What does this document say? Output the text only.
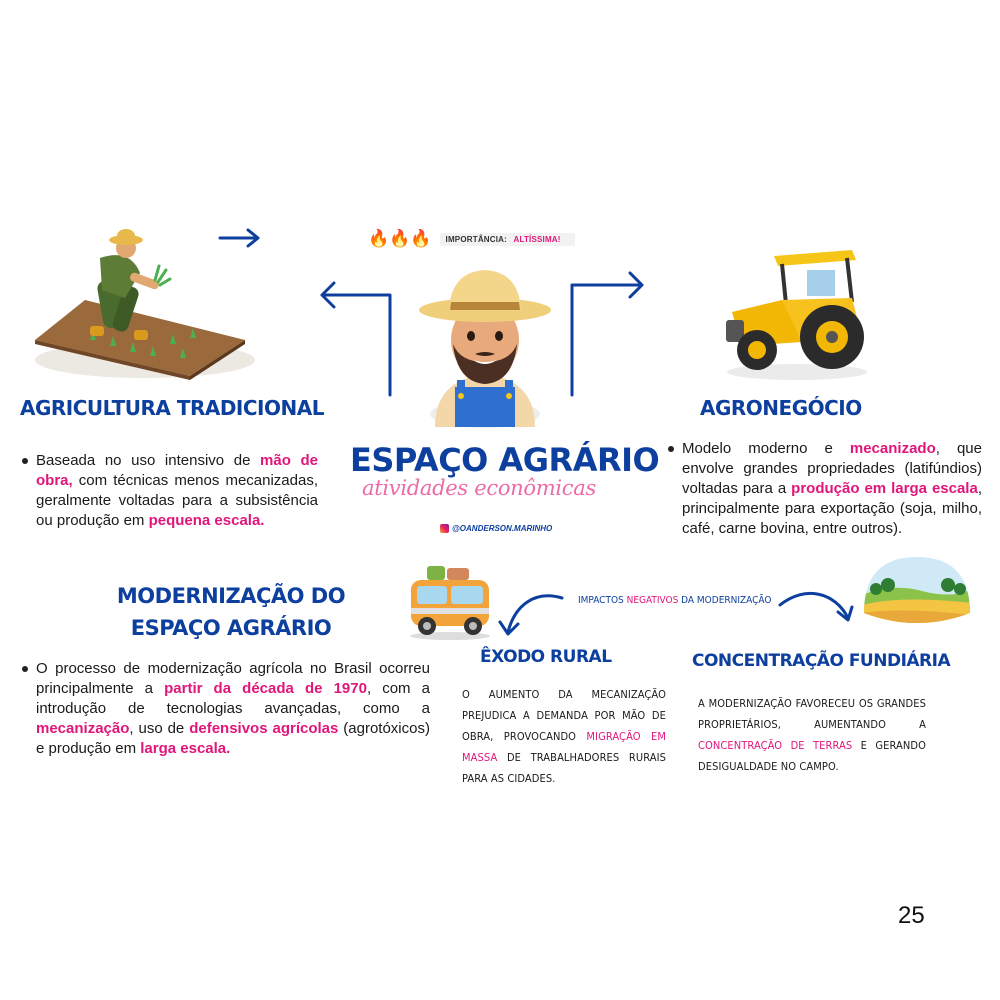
🔥🔥🔥	IMPORTÂNCIA: ALTÍSSIMA!
ESPAÇO AGRÁRIO
atividades econômicas
@OANDERSON.MARINHO
AGRICULTURA TRADICIONAL

Baseada no uso intensivo de mão de obra, com técnicas menos mecanizadas, geralmente voltadas para a subsistência ou produção em pequena escala.

AGRONEGÓCIO

Modelo moderno e mecanizado, que envolve grandes propriedades (latifúndios) voltadas para a produção em larga escala, principalmente para exportação (soja, milho, café, carne bovina, entre outros).

MODERNIZAÇÃO DO
ESPAÇO AGRÁRIO

O processo de modernização agrícola no Brasil ocorreu principalmente a partir da década de 1970, com a introdução de tecnologias avançadas, como a mecanização, uso de defensivos agrícolas (agrotóxicos) e produção em larga escala.

IMPACTOS NEGATIVOS DA MODERNIZAÇÃO
ÊXODO RURAL
O AUMENTO DA MECANIZAÇÃO PREJUDICA A DEMANDA POR MÃO DE OBRA, PROVOCANDO MIGRAÇÃO EM MASSA DE TRABALHADORES RURAIS PARA AS CIDADES.
CONCENTRAÇÃO FUNDIÁRIA
A MODERNIZAÇÃO FAVORECEU OS GRANDES PROPRIETÁRIOS, AUMENTANDO A CONCENTRAÇÃO DE TERRAS E GERANDO DESIGUALDADE NO CAMPO.
25
